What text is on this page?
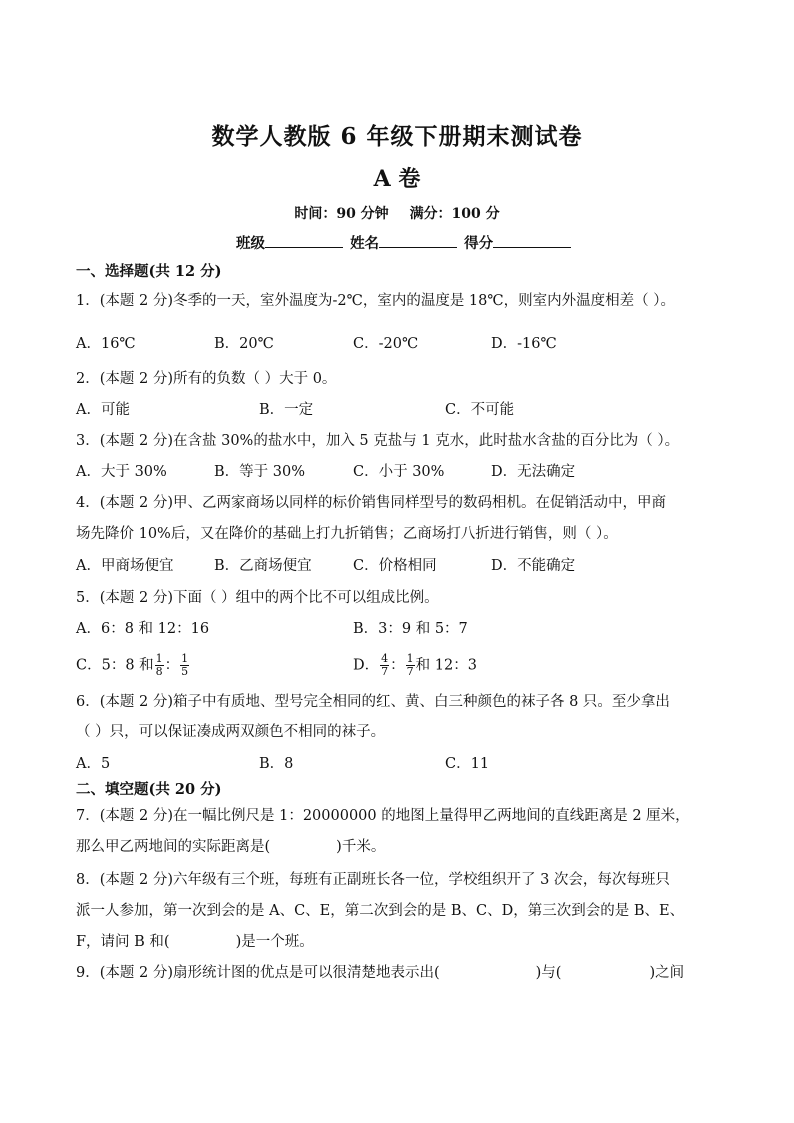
数学人教版 6 年级下册期末测试卷
A 卷
时间：90 分钟 满分：100 分
班级	姓名	得分
一、选择题(共 12 分)
1．(本题 2 分)冬季的一天，室外温度为-2℃，室内的温度是 18℃，则室内外温度相差（ ）。
A．16℃	B．20℃	C．-20℃	D．-16℃
2．(本题 2 分)所有的负数（ ）大于 0。
A．可能	B．一定	C．不可能
3．(本题 2 分)在含盐 30%的盐水中，加入 5 克盐与 1 克水，此时盐水含盐的百分比为（ ）。
A．大于 30%	B．等于 30%	C．小于 30%	D．无法确定
4．(本题 2 分)甲、乙两家商场以同样的标价销售同样型号的数码相机。在促销活动中，甲商
场先降价 10%后，又在降价的基础上打九折销售；乙商场打八折进行销售，则（ ）。
A．甲商场便宜	B．乙商场便宜	C．价格相同	D．不能确定
5．(本题 2 分)下面（ ）组中的两个比不可以组成比例。
A．6：8 和 12：16	B．3：9 和 5：7
C．5：8 和 $\frac{1}{8}$ ： $\frac{1}{5}$	D． $\frac{4}{7}$ ： $\frac{1}{7}$ 和 12：3
6．(本题 2 分)箱子中有质地、型号完全相同的红、黄、白三种颜色的袜子各 8 只。至少拿出
（ ）只，可以保证凑成两双颜色不相同的袜子。
A．5	B．8	C．11
二、填空题(共 20 分)
7．(本题 2 分)在一幅比例尺是 1：20000000 的地图上量得甲乙两地间的直线距离是 2 厘米，
那么甲乙两地间的实际距离是(	)千米。
8．(本题 2 分)六年级有三个班，每班有正副班长各一位，学校组织开了 3 次会，每次每班只
派一人参加，第一次到会的是 A、C、E，第二次到会的是 B、C、D，第三次到会的是 B、E、
F，请问 B 和(	)是一个班。
9．(本题 2 分)扇形统计图的优点是可以很清楚地表示出(	)与(	)之间
